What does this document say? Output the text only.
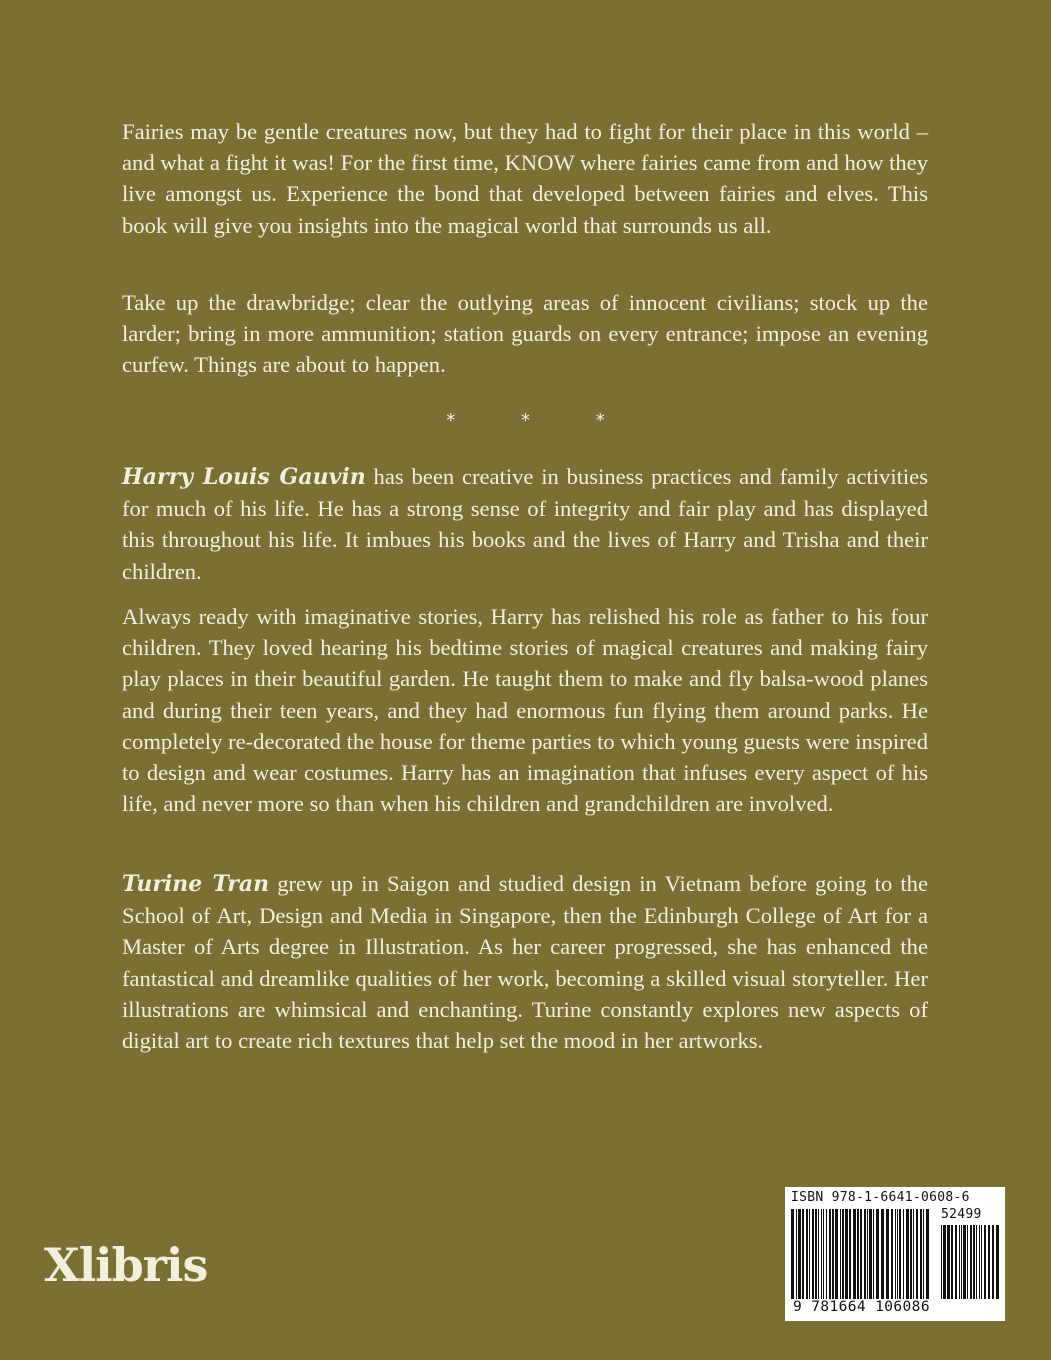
Fairies may be gentle creatures now, but they had to fight for their place in this world – and what a fight it was! For the first time, KNOW where fairies came from and how they live amongst us. Experience the bond that developed between fairies and elves. This book will give you insights into the magical world that surrounds us all.

Take up the drawbridge; clear the outlying areas of innocent civilians; stock up the larder; bring in more ammunition; station guards on every entrance; impose an evening curfew. Things are about to happen.

* * *

Harry Louis Gauvin has been creative in business practices and family activities for much of his life. He has a strong sense of integrity and fair play and has displayed this throughout his life. It imbues his books and the lives of Harry and Trisha and their children.

Always ready with imaginative stories, Harry has relished his role as father to his four children. They loved hearing his bedtime stories of magical creatures and making fairy play places in their beautiful garden. He taught them to make and fly balsa-wood planes and during their teen years, and they had enormous fun flying them around parks. He completely re-decorated the house for theme parties to which young guests were inspired to design and wear costumes. Harry has an imagination that infuses every aspect of his life, and never more so than when his children and grandchildren are involved.

Turine Tran grew up in Saigon and studied design in Vietnam before going to the School of Art, Design and Media in Singapore, then the Edinburgh College of Art for a Master of Arts degree in Illustration. As her career progressed, she has enhanced the fantastical and dreamlike qualities of her work, becoming a skilled visual storyteller. Her illustrations are whimsical and enchanting. Turine constantly explores new aspects of digital art to create rich textures that help set the mood in her artworks.

Xlibris
ISBN 978-1-6641-0608-6
52499
9 781664 106086
